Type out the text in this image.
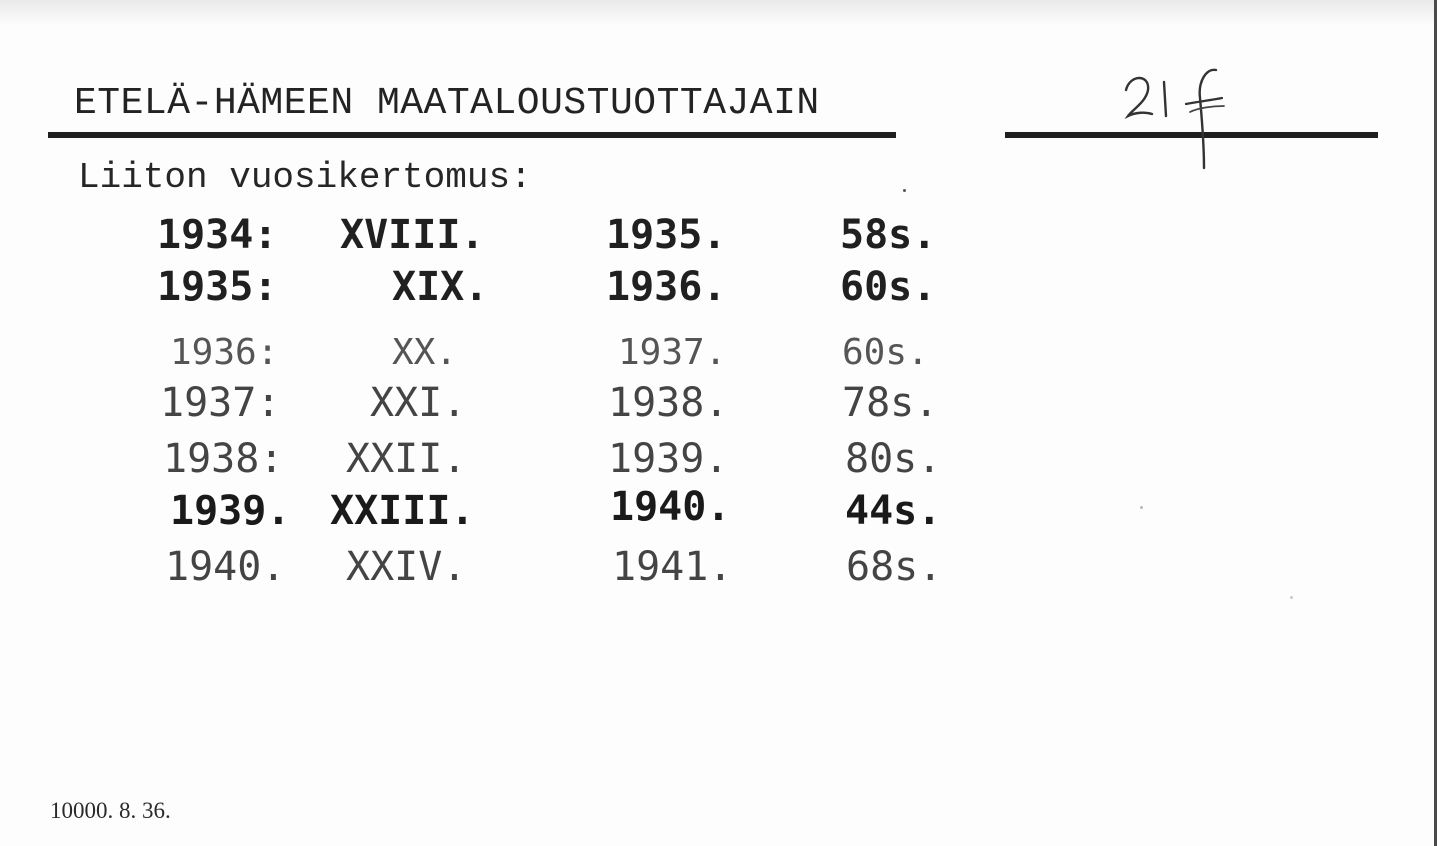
ETELÄ-HÄMEEN MAATALOUSTUOTTAJAIN
Liiton vuosikertomus:
1934: XVIII.	1935.	58s.
1935:	XIX.	1936.	60s.
1936:	XX.	1937.	60s.
1937: XXI.	1938.	78s.
1938: XXII.	1939.	80s.
1939. XXIII.	1940.	44s.
1940. XXIV.	1941.	68s.
10000. 8. 36.
